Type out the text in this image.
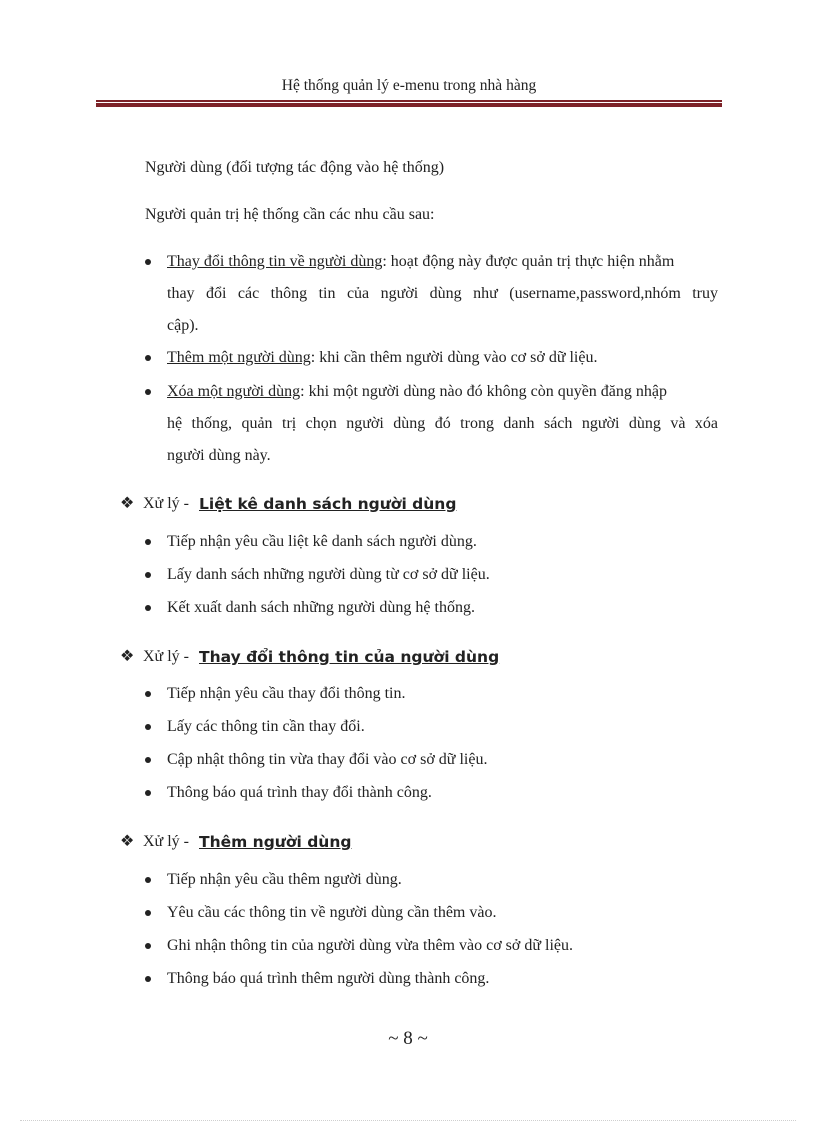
Hệ thống quản lý e-menu trong nhà hàng
Người dùng (đối tượng tác động vào hệ thống)
Người quản trị hệ thống cần các nhu cầu sau:
Thay đổi thông tin về người dùng: hoạt động này được quản trị thực hiện nhằm
thay đổi các thông tin của người dùng như (username,password,nhóm truy
cập).
Thêm một người dùng: khi cần thêm người dùng vào cơ sở dữ liệu.
Xóa một người dùng: khi một người dùng nào đó không còn quyền đăng nhập
hệ thống, quản trị chọn người dùng đó trong danh sách người dùng và xóa
người dùng này.
❖ Xử lý - Liệt kê danh sách người dùng
Tiếp nhận yêu cầu liệt kê danh sách người dùng.
Lấy danh sách những người dùng từ cơ sở dữ liệu.
Kết xuất danh sách những người dùng hệ thống.
❖ Xử lý - Thay đổi thông tin của người dùng
Tiếp nhận yêu cầu thay đổi thông tin.
Lấy các thông tin cần thay đổi.
Cập nhật thông tin vừa thay đổi vào cơ sở dữ liệu.
Thông báo quá trình thay đổi thành công.
❖ Xử lý - Thêm người dùng
Tiếp nhận yêu cầu thêm người dùng.
Yêu cầu các thông tin về người dùng cần thêm vào.
Ghi nhận thông tin của người dùng vừa thêm vào cơ sở dữ liệu.
Thông báo quá trình thêm người dùng thành công.
~ 8 ~
